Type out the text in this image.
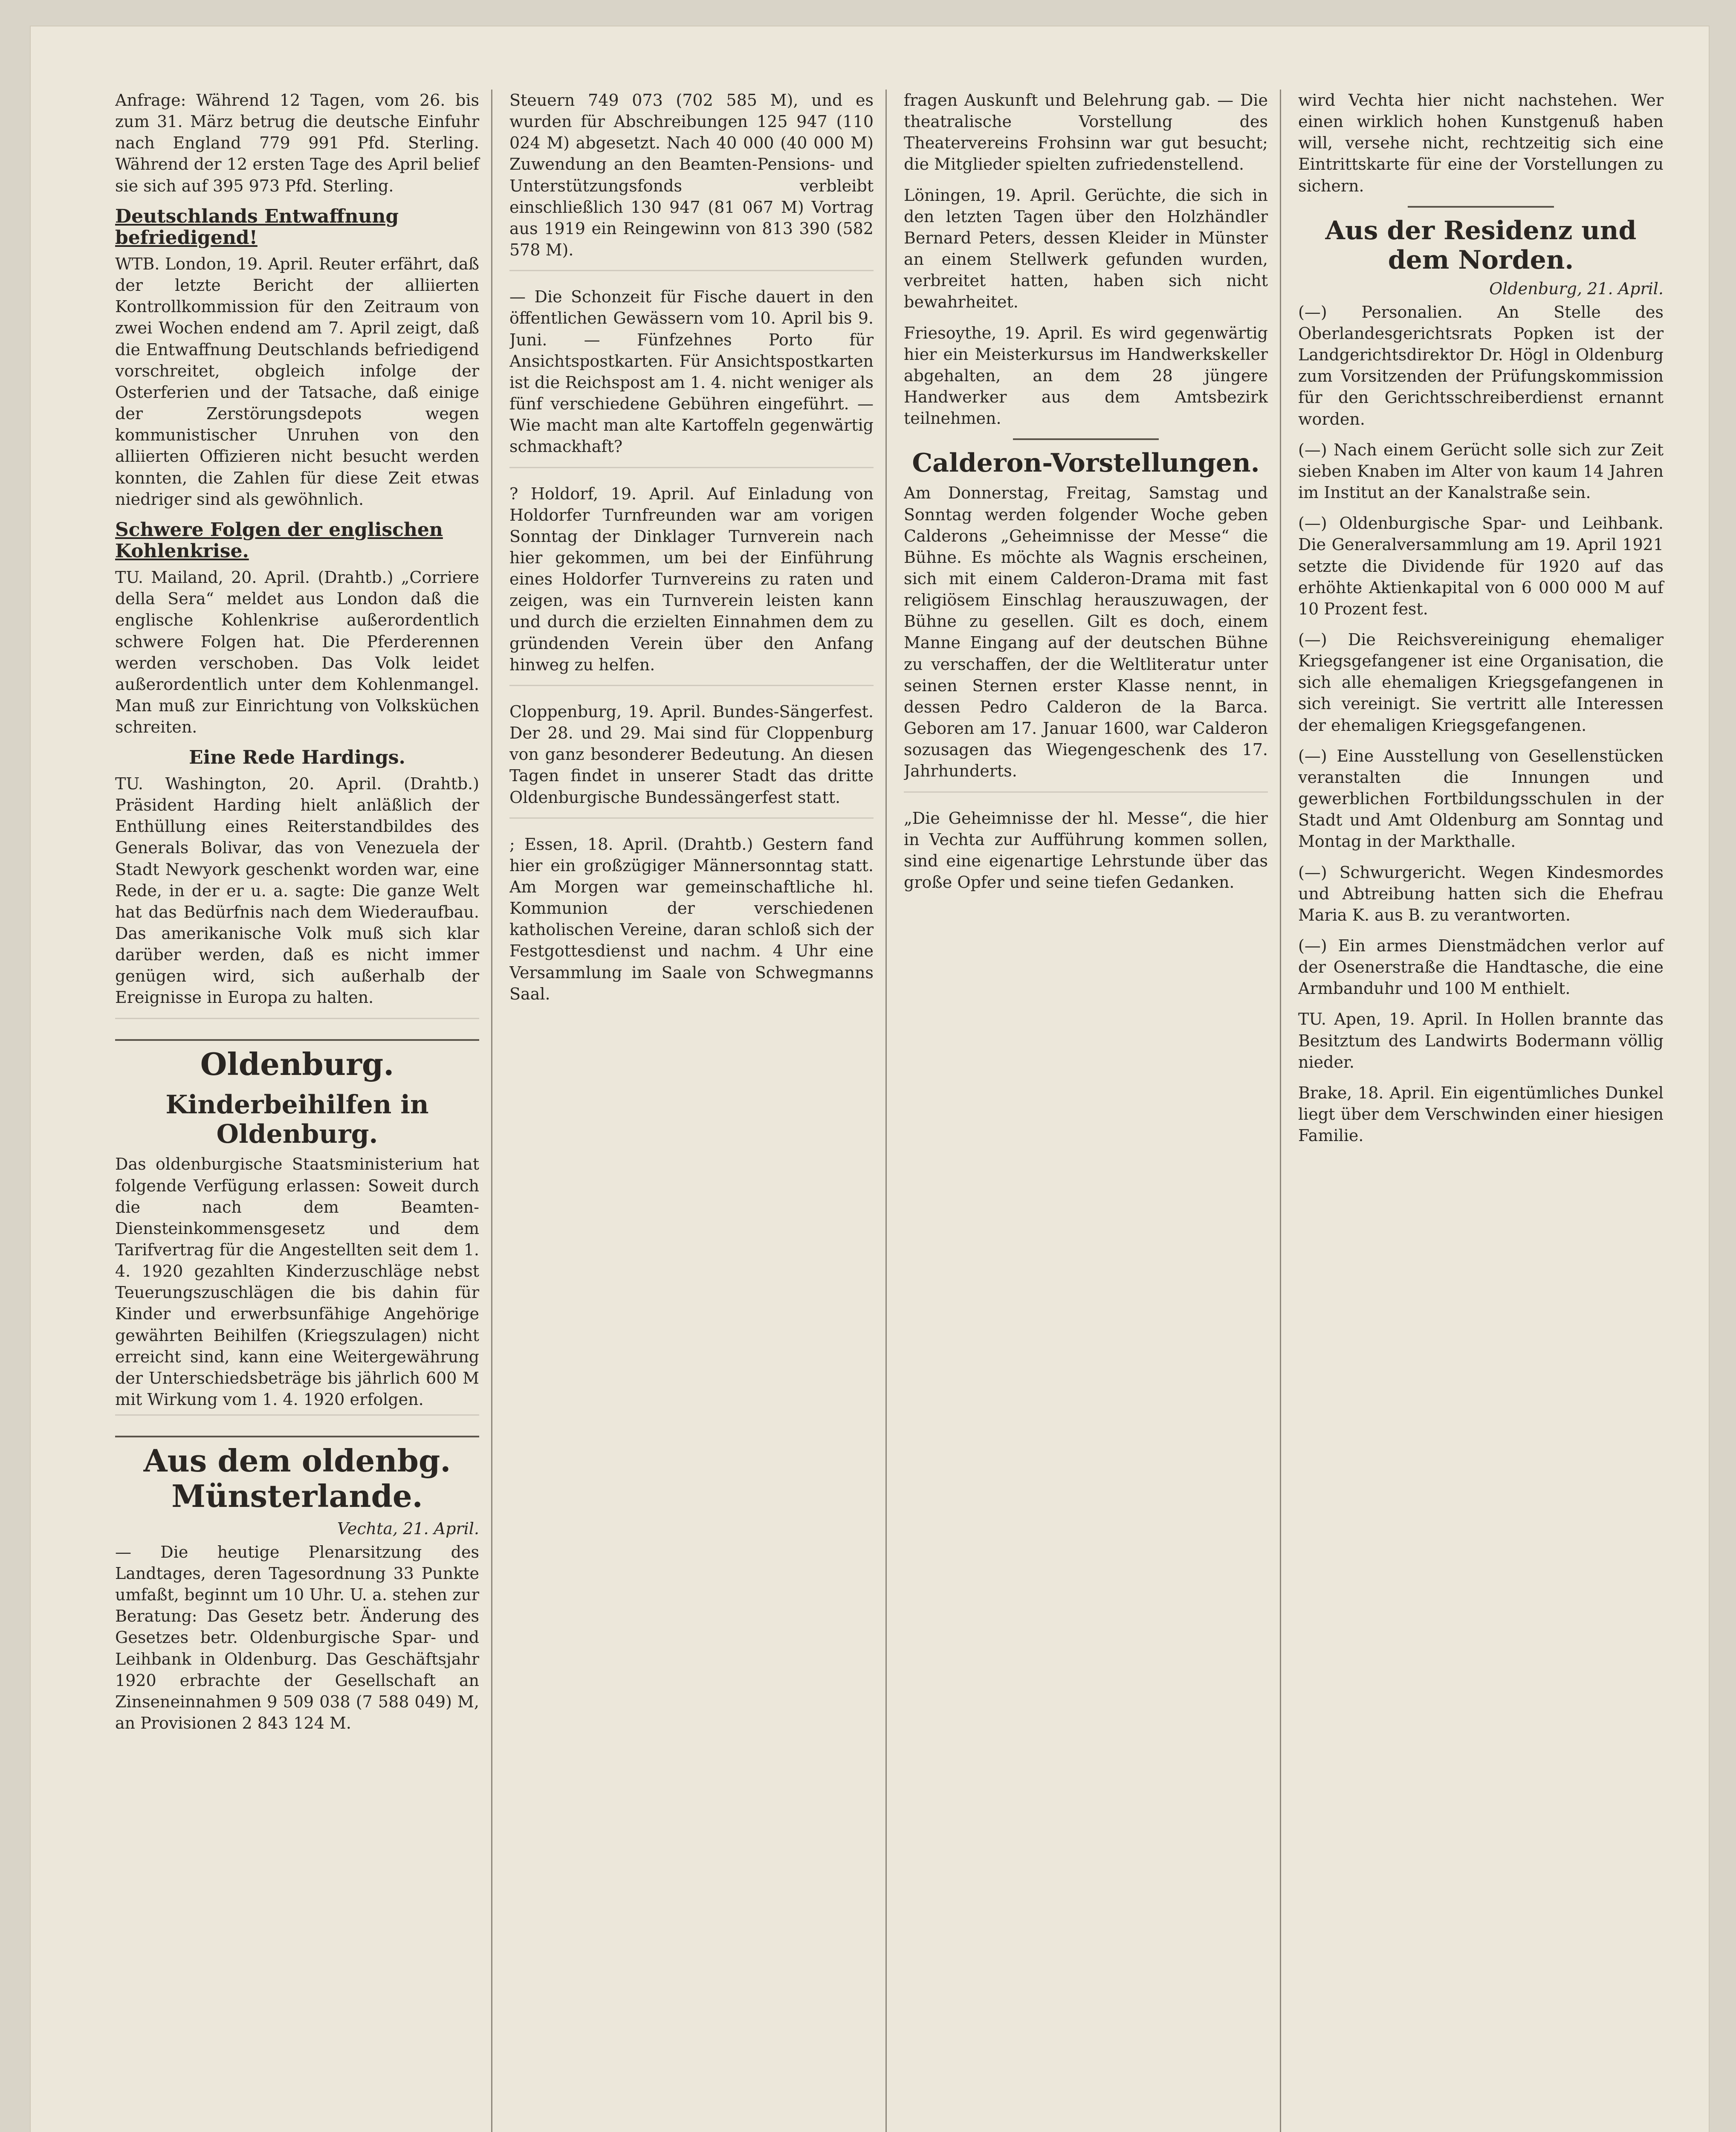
Anfrage: Während 12 Tagen, vom 26. bis zum 31. März betrug die deutsche Einfuhr nach England 779 991 Pfd. Sterling. Während der 12 ersten Tage des April belief sie sich auf 395 973 Pfd. Sterling.

Deutschlands Entwaffnung befriedigend!

WTB. London, 19. April. Reuter erfährt, daß der letzte Bericht der alliierten Kontrollkommission für den Zeitraum von zwei Wochen endend am 7. April zeigt, daß die Entwaffnung Deutschlands befriedigend vorschreitet, obgleich infolge der Osterferien und der Tatsache, daß einige der Zerstörungsdepots wegen kommunistischer Unruhen von den alliierten Offizieren nicht besucht werden konnten, die Zahlen für diese Zeit etwas niedriger sind als gewöhnlich.

Schwere Folgen der englischen Kohlenkrise.

TU. Mailand, 20. April. (Drahtb.) „Corriere della Sera“ meldet aus London daß die englische Kohlenkrise außerordentlich schwere Folgen hat. Die Pferderennen werden verschoben. Das Volk leidet außerordentlich unter dem Kohlenmangel. Man muß zur Einrichtung von Volksküchen schreiten.

Eine Rede Hardings.

TU. Washington, 20. April. (Drahtb.) Präsident Harding hielt anläßlich der Enthüllung eines Reiterstandbildes des Generals Bolivar, das von Venezuela der Stadt Newyork geschenkt worden war, eine Rede, in der er u. a. sagte: Die ganze Welt hat das Bedürfnis nach dem Wiederaufbau. Das amerikanische Volk muß sich klar darüber werden, daß es nicht immer genügen wird, sich außerhalb der Ereignisse in Europa zu halten.

Oldenburg.
Kinderbeihilfen in Oldenburg.

Das oldenburgische Staatsministerium hat folgende Verfügung erlassen: Soweit durch die nach dem Beamten-Diensteinkommensgesetz und dem Tarifvertrag für die Angestellten seit dem 1. 4. 1920 gezahlten Kinderzuschläge nebst Teuerungszuschlägen die bis dahin für Kinder und erwerbsunfähige Angehörige gewährten Beihilfen (Kriegszulagen) nicht erreicht sind, kann eine Weitergewährung der Unterschiedsbeträge bis jährlich 600 M mit Wirkung vom 1. 4. 1920 erfolgen.

Aus dem oldenbg. Münsterlande.
Vechta, 21. April.

— Die heutige Plenarsitzung des Landtages, deren Tagesordnung 33 Punkte umfaßt, beginnt um 10 Uhr. U. a. stehen zur Beratung: Das Gesetz betr. Änderung des Gesetzes betr. Oldenburgische Spar- und Leihbank in Oldenburg. Das Geschäftsjahr 1920 erbrachte der Gesellschaft an Zinseneinnahmen 9 509 038 (7 588 049) M, an Provisionen 2 843 124 M.

Steuern 749 073 (702 585 M), und es wurden für Abschreibungen 125 947 (110 024 M) abgesetzt. Nach 40 000 (40 000 M) Zuwendung an den Beamten-Pensions- und Unterstützungsfonds verbleibt einschließlich 130 947 (81 067 M) Vortrag aus 1919 ein Reingewinn von 813 390 (582 578 M).

— Die Schonzeit für Fische dauert in den öffentlichen Gewässern vom 10. April bis 9. Juni. — Fünfzehnes Porto für Ansichtspostkarten. Für Ansichtspostkarten ist die Reichspost am 1. 4. nicht weniger als fünf verschiedene Gebühren eingeführt. — Wie macht man alte Kartoffeln gegenwärtig schmackhaft?

? Holdorf, 19. April. Auf Einladung von Holdorfer Turnfreunden war am vorigen Sonntag der Dinklager Turnverein nach hier gekommen, um bei der Einführung eines Holdorfer Turnvereins zu raten und zeigen, was ein Turnverein leisten kann und durch die erzielten Einnahmen dem zu gründenden Verein über den Anfang hinweg zu helfen.

Cloppenburg, 19. April. Bundes-Sängerfest. Der 28. und 29. Mai sind für Cloppenburg von ganz besonderer Bedeutung. An diesen Tagen findet in unserer Stadt das dritte Oldenburgische Bundessängerfest statt.

; Essen, 18. April. (Drahtb.) Gestern fand hier ein großzügiger Männersonntag statt. Am Morgen war gemeinschaftliche hl. Kommunion der verschiedenen katholischen Vereine, daran schloß sich der Festgottesdienst und nachm. 4 Uhr eine Versammlung im Saale von Schwegmanns Saal.

fragen Auskunft und Belehrung gab. — Die theatralische Vorstellung des Theatervereins Frohsinn war gut besucht; die Mitglieder spielten zufriedenstellend.

Löningen, 19. April. Gerüchte, die sich in den letzten Tagen über den Holzhändler Bernard Peters, dessen Kleider in Münster an einem Stellwerk gefunden wurden, verbreitet hatten, haben sich nicht bewahrheitet.

Friesoythe, 19. April. Es wird gegenwärtig hier ein Meisterkursus im Handwerkskeller abgehalten, an dem 28 jüngere Handwerker aus dem Amtsbezirk teilnehmen.

Calderon-Vorstellungen.

Am Donnerstag, Freitag, Samstag und Sonntag werden folgender Woche geben Calderons „Geheimnisse der Messe“ die Bühne. Es möchte als Wagnis erscheinen, sich mit einem Calderon-Drama mit fast religiösem Einschlag herauszuwagen, der Bühne zu gesellen. Gilt es doch, einem Manne Eingang auf der deutschen Bühne zu verschaffen, der die Weltliteratur unter seinen Sternen erster Klasse nennt, in dessen Pedro Calderon de la Barca. Geboren am 17. Januar 1600, war Calderon sozusagen das Wiegengeschenk des 17. Jahrhunderts.

„Die Geheimnisse der hl. Messe“, die hier in Vechta zur Aufführung kommen sollen, sind eine eigenartige Lehrstunde über das große Opfer und seine tiefen Gedanken.

wird Vechta hier nicht nachstehen. Wer einen wirklich hohen Kunstgenuß haben will, versehe nicht, rechtzeitig sich eine Eintrittskarte für eine der Vorstellungen zu sichern.

Aus der Residenz und dem Norden.
Oldenburg, 21. April.

(—) Personalien. An Stelle des Oberlandesgerichtsrats Popken ist der Landgerichtsdirektor Dr. Högl in Oldenburg zum Vorsitzenden der Prüfungskommission für den Gerichtsschreiberdienst ernannt worden.

(—) Nach einem Gerücht solle sich zur Zeit sieben Knaben im Alter von kaum 14 Jahren im Institut an der Kanalstraße sein.

(—) Oldenburgische Spar- und Leihbank. Die Generalversammlung am 19. April 1921 setzte die Dividende für 1920 auf das erhöhte Aktienkapital von 6 000 000 M auf 10 Prozent fest.

(—) Die Reichsvereinigung ehemaliger Kriegsgefangener ist eine Organisation, die sich alle ehemaligen Kriegsgefangenen in sich vereinigt. Sie vertritt alle Interessen der ehemaligen Kriegsgefangenen.

(—) Eine Ausstellung von Gesellenstücken veranstalten die Innungen und gewerblichen Fortbildungsschulen in der Stadt und Amt Oldenburg am Sonntag und Montag in der Markthalle.

(—) Schwurgericht. Wegen Kindesmordes und Abtreibung hatten sich die Ehefrau Maria K. aus B. zu verantworten.

(—) Ein armes Dienstmädchen verlor auf der Osenerstraße die Handtasche, die eine Armbanduhr und 100 M enthielt.

TU. Apen, 19. April. In Hollen brannte das Besitztum des Landwirts Bodermann völlig nieder.

Brake, 18. April. Ein eigentümliches Dunkel liegt über dem Verschwinden einer hiesigen Familie.
